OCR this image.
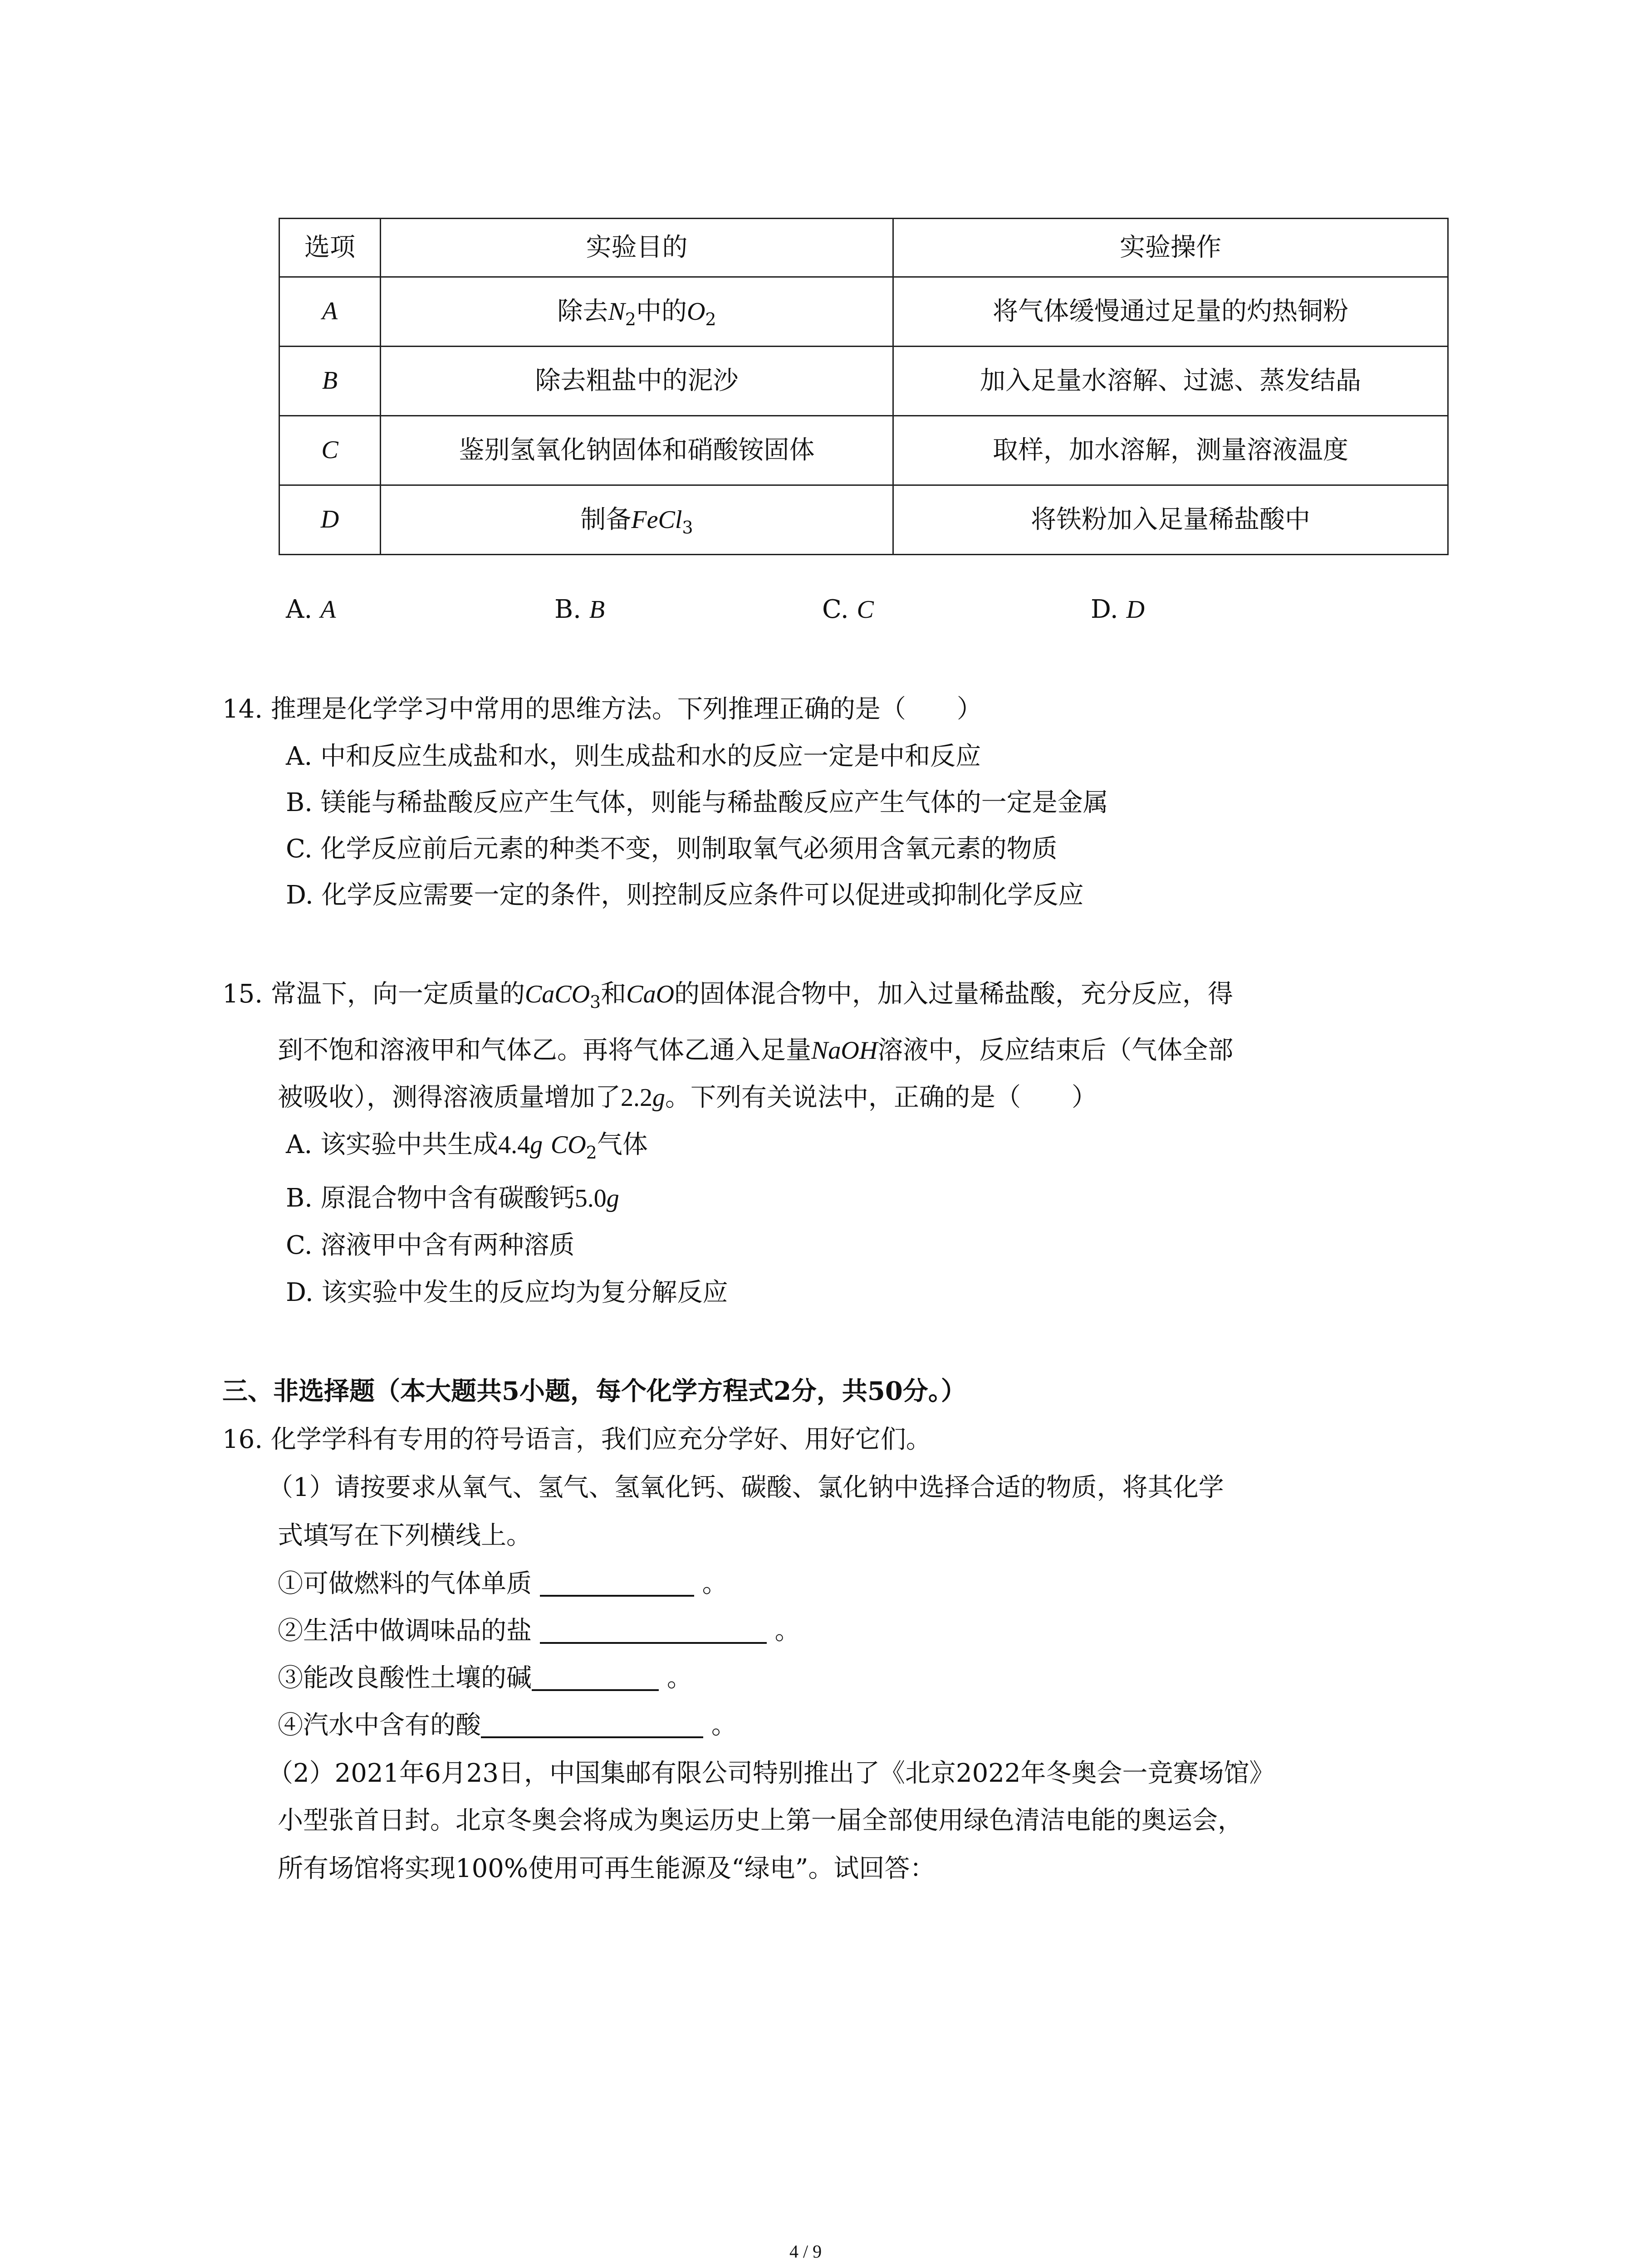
选项	实验目的	实验操作
A	除去$N_2$中的$O_2$	将气体缓慢通过足量的灼热铜粉
B	除去粗盐中的泥沙	加入足量水溶解、过滤、蒸发结晶
C	鉴别氢氧化钠固体和硝酸铵固体	取样，加水溶解，测量溶液温度
D	制备FeCl$_3$	将铁粉加入足量稀盐酸中
A. A	B. B	C. C	D. D
14. 推理是化学学习中常用的思维方法。下列推理正确的是（　　）
A. 中和反应生成盐和水，则生成盐和水的反应一定是中和反应
B. 镁能与稀盐酸反应产生气体，则能与稀盐酸反应产生气体的一定是金属
C. 化学反应前后元素的种类不变，则制取氧气必须用含氧元素的物质
D. 化学反应需要一定的条件，则控制反应条件可以促进或抑制化学反应
15. 常温下，向一定质量的CaCO$_3$和CaO的固体混合物中，加入过量稀盐酸，充分反应，得
到不饱和溶液甲和气体乙。再将气体乙通入足量NaOH溶液中，反应结束后（气体全部
被吸收），测得溶液质量增加了2.2g。下列有关说法中，正确的是（　　）
A. 该实验中共生成4.4g $CO_2$气体
B. 原混合物中含有碳酸钙5.0g
C. 溶液甲中含有两种溶质
D. 该实验中发生的反应均为复分解反应
三、非选择题（本大题共5小题，每个化学方程式2分，共50分。）
16. 化学学科有专用的符号语言，我们应充分学好、用好它们。
（1）请按要求从氧气、氢气、氢氧化钙、碳酸、氯化钠中选择合适的物质，将其化学
式填写在下列横线上。
①可做燃料的气体单质	。
②生活中做调味品的盐	。
③能改良酸性土壤的碱	。
④汽水中含有的酸	。
（2）2021年6月23日，中国集邮有限公司特别推出了《北京2022年冬奥会一竞赛场馆》
小型张首日封。北京冬奥会将成为奥运历史上第一届全部使用绿色清洁电能的奥运会，
所有场馆将实现100%使用可再生能源及“绿电”。试回答：
4 / 9
